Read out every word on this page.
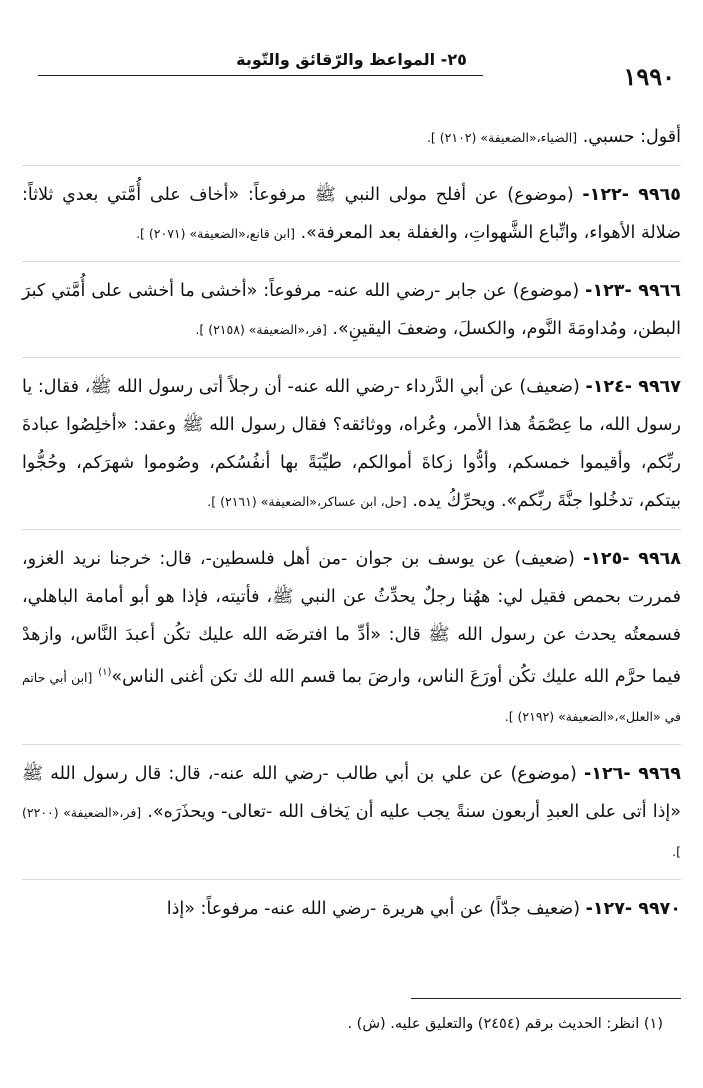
١٩٩٠
٢٥- المواعظ والرّقائق والتّوبة

أقول: حسبي. [الضياء،«الضعيفة» (٢١٠٢) ].

٩٩٦٥ -١٢٢- (موضوع) عن أفلح مولى النبي ﷺ مرفوعاً: «أخاف على أُمَّتي بعدي ثلاثاً: ضلالة الأهواء، واتِّباع الشَّهواتِ، والغفلة بعد المعرفة». [ابن قانع،«الضعيفة» (٢٠٧١) ].

٩٩٦٦ -١٢٣- (موضوع) عن جابر -رضي الله عنه- مرفوعاً: «أخشى ما أخشى على أُمَّتي كبرَ البطن، ومُداومَةَ النَّوم، والكسلَ، وضعفَ اليقينِ». [فر،«الضعيفة» (٢١٥٨) ].

٩٩٦٧ -١٢٤- (ضعيف) عن أبي الدَّرداء -رضي الله عنه- أن رجلاً أتى رسول الله ﷺ، فقال: يا رسول الله، ما عِصْمَةُ هذا الأمر، وعُراه، ووثائقه؟ فقال رسول الله ﷺ وعقد: «أخلِصُوا عبادةَ ربِّكم، وأقيموا خمسكم، وأدُّوا زكاةَ أموالكم، طيِّبَةً بها أنفُسُكم، وصُوموا شهرَكم، وحُجُّوا بيتكم، تدخُلوا جنَّةَ ربِّكم». ويحرِّكُ يده. [حل، ابن عساكر،«الضعيفة» (٢١٦١) ].

٩٩٦٨ -١٢٥- (ضعيف) عن يوسف بن جوان -من أهل فلسطين-، قال: خرجنا نريد الغزو، فمررت بحمص فقيل لي: ههُنا رجلٌ يحدِّثُ عن النبي ﷺ، فأتيته، فإذا هو أبو أمامة الباهلي، فسمعتُه يحدث عن رسول الله ﷺ قال: «أدِّ ما افترضَه الله عليك تكُن أعبدَ النَّاس، وازهدْ فيما حرَّم الله عليك تكُن أورَعَ الناس، وارضَ بما قسم الله لك تكن أغنى الناس»$^{(١)}$ [ابن أبي حاتم في «العلل»،«الضعيفة» (٢١٩٢) ].

٩٩٦٩ -١٢٦- (موضوع) عن علي بن أبي طالب -رضي الله عنه-، قال: قال رسول الله ﷺ «إذا أتى على العبدِ أربعون سنةً يجب عليه أن يَخاف الله -تعالى- ويحذَرَه». [فر،«الضعيفة» (٢٢٠٠) ].

٩٩٧٠ -١٢٧- (ضعيف جدّاً) عن أبي هريرة -رضي الله عنه- مرفوعاً: «إذا

(١) انظر: الحديث برقم (٢٤٥٤) والتعليق عليه. (ش) .
